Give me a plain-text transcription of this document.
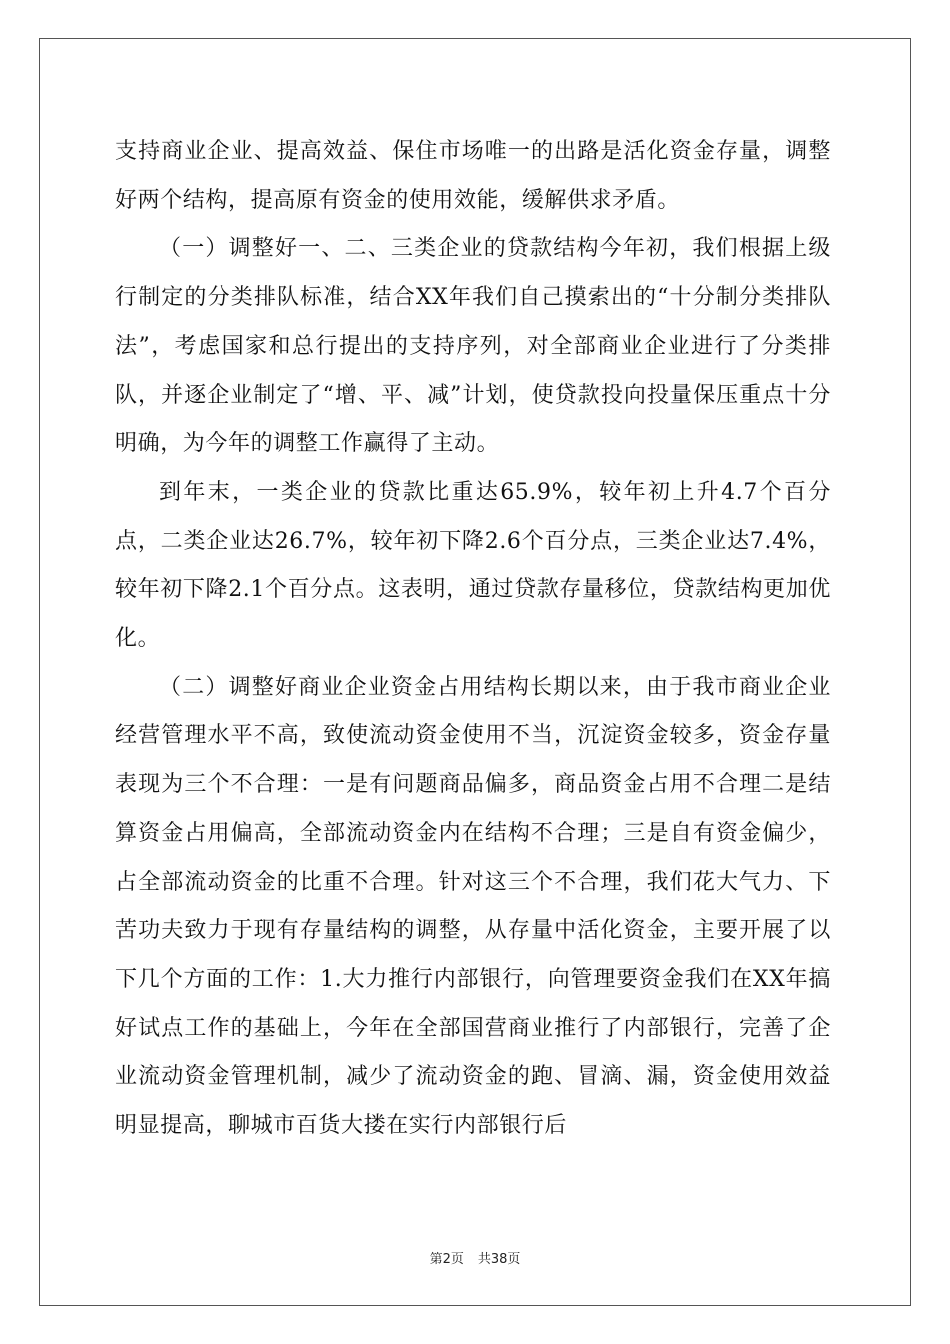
支持商业企业、提高效益、保住市场唯一的出路是活化资金存量，调整好两个结构，提高原有资金的使用效能，缓解供求矛盾。

（一）调整好一、二、三类企业的贷款结构今年初，我们根据上级行制定的分类排队标准，结合XX年我们自己摸索出的“十分制分类排队法”，考虑国家和总行提出的支持序列，对全部商业企业进行了分类排队，并逐企业制定了“增、平、减”计划，使贷款投向投量保压重点十分明确，为今年的调整工作赢得了主动。

到年末，一类企业的贷款比重达65.9%，较年初上升4.7个百分点，二类企业达26.7%，较年初下降2.6个百分点，三类企业达7.4%，较年初下降2.1个百分点。这表明，通过贷款存量移位，贷款结构更加优化。

（二）调整好商业企业资金占用结构长期以来，由于我市商业企业经营管理水平不高，致使流动资金使用不当，沉淀资金较多，资金存量表现为三个不合理：一是有问题商品偏多，商品资金占用不合理二是结算资金占用偏高，全部流动资金内在结构不合理；三是自有资金偏少，占全部流动资金的比重不合理。针对这三个不合理，我们花大气力、下苦功夫致力于现有存量结构的调整，从存量中活化资金，主要开展了以下几个方面的工作：1.大力推行内部银行，向管理要资金我们在XX年搞好试点工作的基础上，今年在全部国营商业推行了内部银行，完善了企业流动资金管理机制，减少了流动资金的跑、冒滴、漏，资金使用效益明显提高，聊城市百货大搂在实行内部银行后

第2页 共38页
